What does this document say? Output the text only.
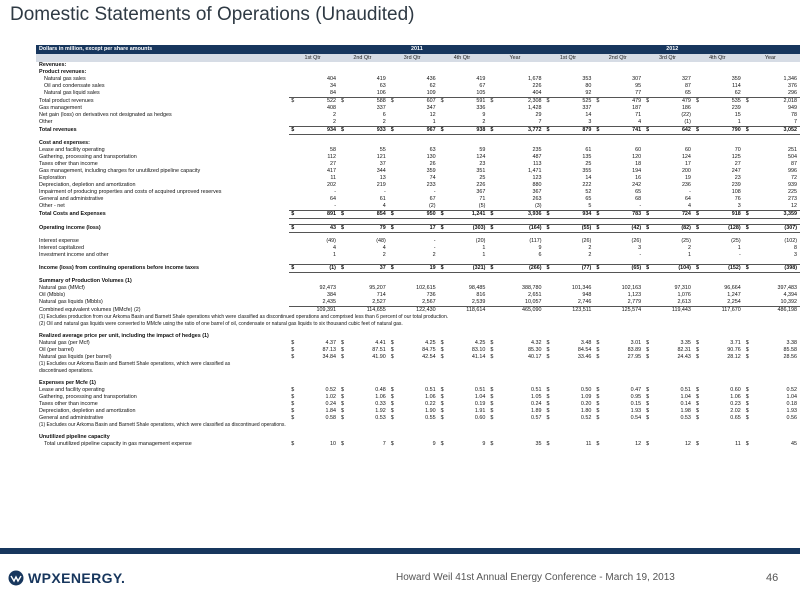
Domestic Statements of Operations (Unaudited)
Dollars in million, except per share amounts	2011										2012									
	1st Qtr		2nd Qtr		3rd Qtr		4th Qtr		Year		1st Qtr		2nd Qtr		3rd Qtr		4th Qtr		Year	
Revenues:																				
Product revenues:																				
Natural gas sales		404		419		436		419		1,678		353		307		327		359		1,346
Oil and condensate sales		34		63		62		67		226		80		95		87		114		376
Natural gas liquid sales		84		106		109		105		404		92		77		65		62		296
Total product revenues	$	522	$	588	$	607	$	591	$	2,308	$	525	$	479	$	479	$	535	$	2,018
Gas management		408		337		347		336		1,428		337		187		186		239		949
Net gain (loss) on derivatives not designated as hedges		2		6		12		9		29		14		71		(22)		15		78
Other		2		2		1		2		7		3		4		(1)		1		7
Total revenues	$	934	$	933	$	967	$	938	$	3,772	$	879	$	741	$	642	$	790	$	3,052

Cost and expenses:																				
Lease and facility operating		58		55		63		59		235		61		60		60		70		251
Gathering, processing and transportation		112		121		130		124		487		135		120		124		125		504
Taxes other than income		27		37		26		23		113		25		18		17		27		87
Gas management, including charges for unutilized pipeline capacity		417		344		359		351		1,471		355		194		200		247		996
Exploration		11		13		74		25		123		14		16		19		23		72
Depreciation, depletion and amortization		202		219		233		226		880		222		242		236		239		939
Impairment of producing properties and costs of acquired unproved reserves		-		-		-		367		367		52		65		-		108		225
General and administrative		64		61		67		71		263		65		68		64		76		273
Other - net		-		4		(2)		(5)		(3)		5		-		4		3		12
Total Costs and Expenses	$	891	$	854	$	950	$	1,241	$	3,936	$	934	$	783	$	724	$	918	$	3,359

Operating income (loss)	$	43	$	79	$	17	$	(303)	$	(164)	$	(55)	$	(42)	$	(82)	$	(128)	$	(307)

Interest expense		(49)		(48)		-		(20)		(117)		(26)		(26)		(25)		(25)		(102)
Interest capitalized		4		4		-		1		9		2		3		2		1		8
Investment income and other		1		2		2		1		6		2		-		1		-		3

Income (loss) from continuing operations before income taxes	$	(1)	$	37	$	19	$	(321)	$	(266)	$	(77)	$	(65)	$	(104)	$	(152)	$	(398)

Summary of Production Volumes (1)																				
Natural gas (MMcf)		92,473		95,207		102,615		98,485		388,780		101,346		102,163		97,310		96,664		397,483
Oil (Mbbls)		384		714		736		816		2,651		948		1,123		1,076		1,247		4,394
Natural gas liquids (Mbbls)		2,435		2,527		2,567		2,539		10,057		2,746		2,779		2,613		2,254		10,392
Combined equivalent volumes (MMcfe) (2)		109,391		114,655		122,430		118,614		465,090		123,511		125,574		119,443		117,670		486,198
(1) Excludes production from our Arkoma Basin and Barnett Shale operations which were classified as discontinued operations and comprised less than 6 percent of our total production.																				
(2) Oil and natural gas liquids were converted to MMcfe using the ratio of one barrel of oil, condensate or natural gas liquids to six thousand cubic feet of natural gas.																				

Realized average price per unit, including the impact of hedges (1)																				
Natural gas (per Mcf)	$	4.37	$	4.41	$	4.25	$	4.25	$	4.32	$	3.48	$	3.01	$	3.35	$	3.71	$	3.38
Oil (per barrel)	$	87.13	$	87.51	$	84.75	$	83.10	$	85.30	$	84.54	$	83.89	$	82.31	$	90.76	$	85.58
Natural gas liquids (per barrel)	$	34.84	$	41.90	$	42.54	$	41.14	$	40.17	$	33.46	$	27.95	$	24.43	$	28.12	$	28.56
(1) Excludes our Arkoma Basin and Barnett Shale operations, which were classified as																				
discontinued operations.																				

Expenses per Mcfe (1)																				
Lease and facility operating	$	0.52	$	0.48	$	0.51	$	0.51	$	0.51	$	0.50	$	0.47	$	0.51	$	0.60	$	0.52
Gathering, processing and transportation	$	1.02	$	1.06	$	1.06	$	1.04	$	1.05	$	1.09	$	0.95	$	1.04	$	1.06	$	1.04
Taxes other than income	$	0.24	$	0.33	$	0.22	$	0.19	$	0.24	$	0.20	$	0.15	$	0.14	$	0.23	$	0.18
Depreciation, depletion and amortization	$	1.84	$	1.92	$	1.90	$	1.91	$	1.89	$	1.80	$	1.93	$	1.98	$	2.02	$	1.93
General and administrative	$	0.58	$	0.53	$	0.55	$	0.60	$	0.57	$	0.52	$	0.54	$	0.53	$	0.65	$	0.56
(1) Excludes our Arkoma Basin and Barnett Shale operations, which were classified as discontinued operations.																				

Unutilized pipeline capacity																				
Total unutilized pipeline capacity in gas management expense	$	10	$	7	$	9	$	9	$	35	$	11	$	12	$	12	$	11	$	45
WPXENERGY.	Howard Weil 41st Annual Energy Conference - March 19, 2013	46
